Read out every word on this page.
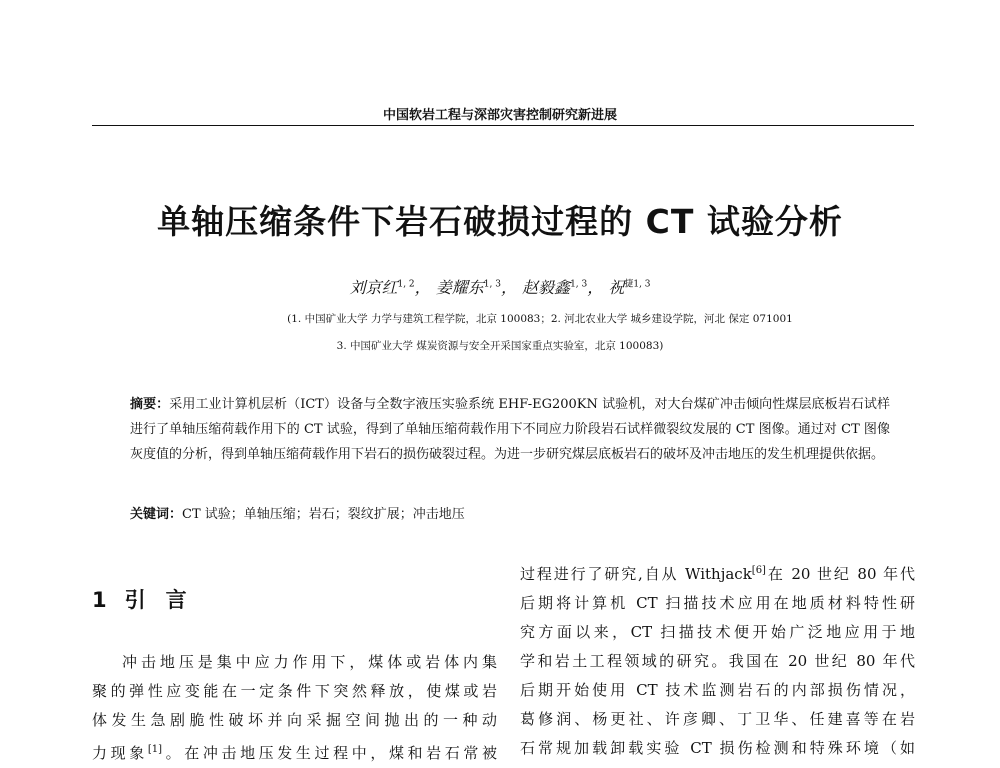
中国软岩工程与深部灾害控制研究新进展
单轴压缩条件下岩石破损过程的 CT 试验分析
刘京红$^{1, 2}$， 姜耀东$^{1, 3}$， 赵毅鑫$^{1, 3}$， 祝$^{捷1, 3}$
(1. 中国矿业大学 力学与建筑工程学院，北京 100083；2. 河北农业大学 城乡建设学院，河北 保定 071001
3. 中国矿业大学 煤炭资源与安全开采国家重点实验室，北京 100083)
摘要：采用工业计算机层析（ICT）设备与全数字液压实验系统 EHF-EG200KN 试验机，对大台煤矿冲击倾向性煤层底板岩石试样进行了单轴压缩荷载作用下的 CT 试验，得到了单轴压缩荷载作用下不同应力阶段岩石试样微裂纹发展的 CT 图像。通过对 CT 图像灰度值的分析，得到单轴压缩荷载作用下岩石的损伤破裂过程。为进一步研究煤层底板岩石的破坏及冲击地压的发生机理提供依据。
关键词：CT 试验；单轴压缩；岩石；裂纹扩展；冲击地压
1 引言
冲击地压是集中应力作用下，煤体或岩体内集
聚的弹性应变能在一定条件下突然释放，使煤或岩
体发生急剧脆性破坏并向采掘空间抛出的一种动
力现象[1]。在冲击地压发生过程中，煤和岩石常被
过程进行了研究,自从 Withjack[6]在 20 世纪 80 年代
后期将计算机 CT 扫描技术应用在地质材料特性研
究方面以来，CT 扫描技术便开始广泛地应用于地
学和岩土工程领域的研究。我国在 20 世纪 80 年代
后期开始使用 CT 技术监测岩石的内部损伤情况，
葛修润、杨更社、许彦卿、丁卫华、任建喜等在岩
石常规加载卸载实验 CT 损伤检测和特殊环境（如
